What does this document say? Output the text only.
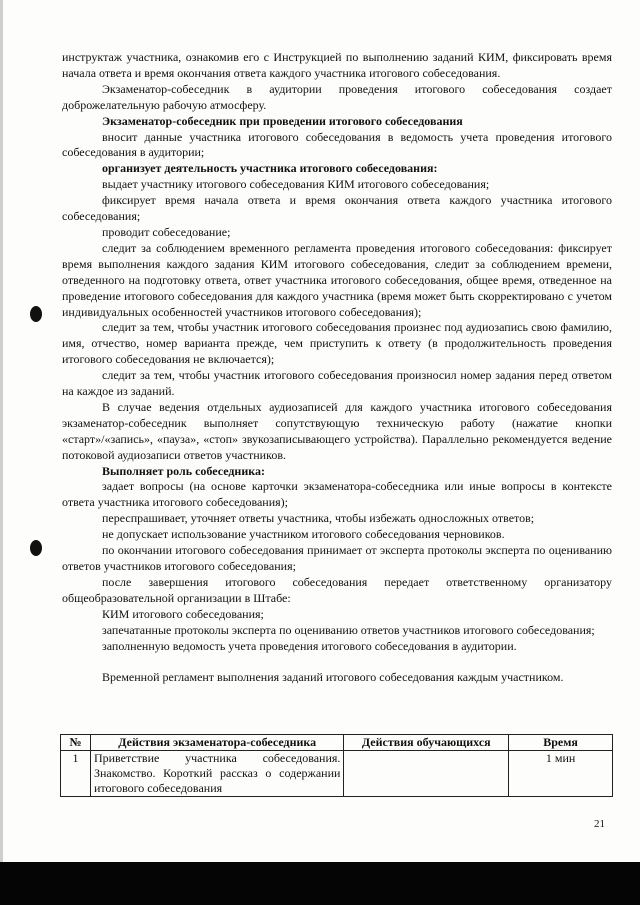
инструктаж участника, ознакомив его с Инструкцией по выполнению заданий КИМ, фиксировать время начала ответа и время окончания ответа каждого участника итогового собеседования.

Экзаменатор-собеседник в аудитории проведения итогового собеседования создает доброжелательную рабочую атмосферу.

Экзаменатор-собеседник при проведении итогового собеседования

вносит данные участника итогового собеседования в ведомость учета проведения итогового собеседования в аудитории;

организует деятельность участника итогового собеседования:

выдает участнику итогового собеседования КИМ итогового собеседования;

фиксирует время начала ответа и время окончания ответа каждого участника итогового собеседования;

проводит собеседование;

следит за соблюдением временного регламента проведения итогового собеседования: фиксирует время выполнения каждого задания КИМ итогового собеседования, следит за соблюдением времени, отведенного на подготовку ответа, ответ участника итогового собеседования, общее время, отведенное на проведение итогового собеседования для каждого участника (время может быть скорректировано с учетом индивидуальных особенностей участников итогового собеседования);

следит за тем, чтобы участник итогового собеседования произнес под аудиозапись свою фамилию, имя, отчество, номер варианта прежде, чем приступить к ответу (в продолжительность проведения итогового собеседования не включается);

следит за тем, чтобы участник итогового собеседования произносил номер задания перед ответом на каждое из заданий.

В случае ведения отдельных аудиозаписей для каждого участника итогового собеседования экзаменатор-собеседник выполняет сопутствующую техническую работу (нажатие кнопки «старт»/«запись», «пауза», «стоп» звукозаписывающего устройства). Параллельно рекомендуется ведение потоковой аудиозаписи ответов участников.

Выполняет роль собеседника:

задает вопросы (на основе карточки экзаменатора-собеседника или иные вопросы в контексте ответа участника итогового собеседования);

переспрашивает, уточняет ответы участника, чтобы избежать односложных ответов;

не допускает использование участником итогового собеседования черновиков.

по окончании итогового собеседования принимает от эксперта протоколы эксперта по оцениванию ответов участников итогового собеседования;

после завершения итогового собеседования передает ответственному организатору общеобразовательной организации в Штабе:

КИМ итогового собеседования;

запечатанные протоколы эксперта по оцениванию ответов участников итогового собеседования;

заполненную ведомость учета проведения итогового собеседования в аудитории.

Временной регламент выполнения заданий итогового собеседования каждым участником.

№	Действия экзаменатора-собеседника	Действия обучающихся	Время
1	Приветствие участника собеседования. Знакомство. Короткий рассказ о содержании итогового собеседования		1 мин
21
